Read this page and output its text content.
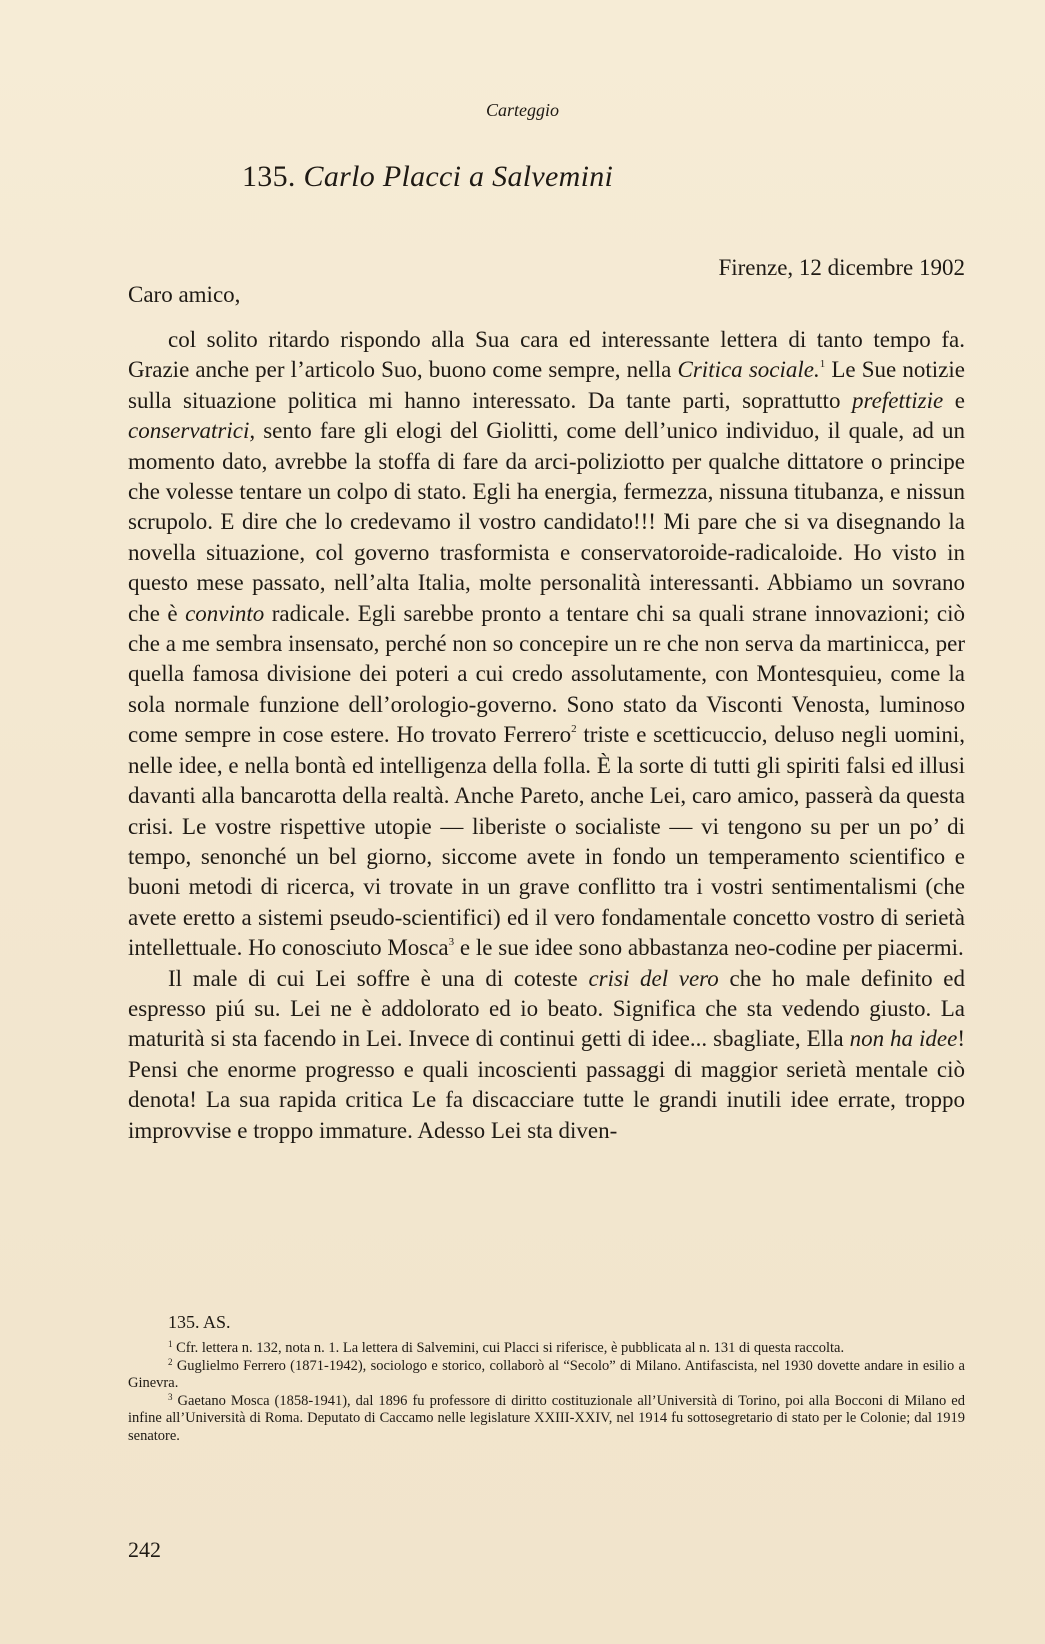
Carteggio
135. Carlo Placci a Salvemini
Firenze, 12 dicembre 1902
Caro amico,

col solito ritardo rispondo alla Sua cara ed interessante lettera di tanto tempo fa. Grazie anche per l’articolo Suo, buono come sempre, nella Critica sociale.$^1$ Le Sue notizie sulla situazione politica mi hanno interessato. Da tante parti, soprattutto prefettizie e conservatrici, sento fare gli elogi del Giolitti, come dell’unico individuo, il quale, ad un momento dato, avrebbe la stoffa di fare da arci-poliziotto per qualche dittatore o principe che volesse tentare un colpo di stato. Egli ha energia, fermezza, nissuna titubanza, e nissun scrupolo. E dire che lo credevamo il vostro candidato!!! Mi pare che si va disegnando la novella situazione, col governo trasformista e conservatoroide-radicaloide. Ho visto in questo mese passato, nell’alta Italia, molte personalità interessanti. Abbiamo un sovrano che è convinto radicale. Egli sarebbe pronto a tentare chi sa quali strane innovazioni; ciò che a me sembra insensato, perché non so concepire un re che non serva da martinicca, per quella famosa divisione dei poteri a cui credo assolutamente, con Montesquieu, come la sola normale funzione dell’orologio-governo. Sono stato da Visconti Venosta, luminoso come sempre in cose estere. Ho trovato Ferrero$^2$ triste e scetticuccio, deluso negli uomini, nelle idee, e nella bontà ed intelligenza della folla. È la sorte di tutti gli spiriti falsi ed illusi davanti alla bancarotta della realtà. Anche Pareto, anche Lei, caro amico, passerà da questa crisi. Le vostre rispettive utopie — liberiste o socialiste — vi tengono su per un po’ di tempo, senonché un bel giorno, siccome avete in fondo un temperamento scientifico e buoni metodi di ricerca, vi trovate in un grave conflitto tra i vostri sentimentalismi (che avete eretto a sistemi pseudo-scientifici) ed il vero fondamentale concetto vostro di serietà intellettuale. Ho conosciuto Mosca$^3$ e le sue idee sono abbastanza neo-codine per piacermi.

Il male di cui Lei soffre è una di coteste crisi del vero che ho male definito ed espresso piú su. Lei ne è addolorato ed io beato. Significa che sta vedendo giusto. La maturità si sta facendo in Lei. Invece di continui getti di idee... sbagliate, Ella non ha idee! Pensi che enorme progresso e quali incoscienti passaggi di maggior serietà mentale ciò denota! La sua rapida critica Le fa discacciare tutte le grandi inutili idee errate, troppo improvvise e troppo immature. Adesso Lei sta diven-

135. AS.

$^1$ Cfr. lettera n. 132, nota n. 1. La lettera di Salvemini, cui Placci si riferisce, è pubblicata al n. 131 di questa raccolta.

$^2$ Guglielmo Ferrero (1871-1942), sociologo e storico, collaborò al “Secolo” di Milano. Antifascista, nel 1930 dovette andare in esilio a Ginevra.

$^3$ Gaetano Mosca (1858-1941), dal 1896 fu professore di diritto costituzionale all’Università di Torino, poi alla Bocconi di Milano ed infine all’Università di Roma. Deputato di Caccamo nelle legislature XXIII-XXIV, nel 1914 fu sottosegretario di stato per le Colonie; dal 1919 senatore.

242
